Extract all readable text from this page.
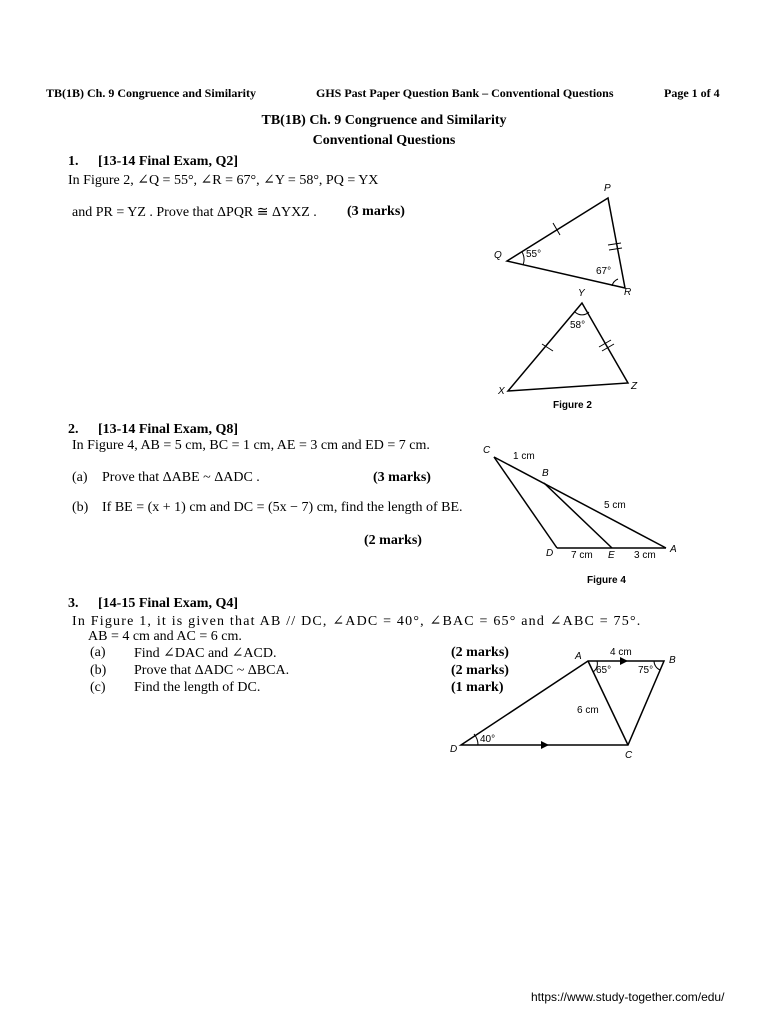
TB(1B) Ch. 9 Congruence and Similarity	GHS Past Paper Question Bank – Conventional Questions	Page 1 of 4
TB(1B) Ch. 9 Congruence and Similarity
Conventional Questions
1. [13-14 Final Exam, Q2]
In Figure 2, ∠Q = 55°, ∠R = 67°, ∠Y = 58°, PQ = YX
and PR = YZ . Prove that ΔPQR ≅ ΔYXZ . (3 marks)
P
Q
R
55°
67°
Y
X	Z
58°
Figure 2
2. [13-14 Final Exam, Q8]
In Figure 4, AB = 5 cm, BC = 1 cm, AE = 3 cm and ED = 7 cm.
(a) Prove that ΔABE ~ ΔADC .	(3 marks)
(b) If BE = (x + 1) cm and DC = (5x − 7) cm, find the length of BE.
(2 marks)
C
B
D	E
A
1 cm
5 cm
7 cm	3 cm
Figure 4
3. [14-15 Final Exam, Q4]
In Figure 1, it is given that AB // DC, ∠ADC = 40°, ∠BAC = 65° and ∠ABC = 75°.
AB = 4 cm and AC = 6 cm.
(a) Find ∠DAC and ∠ACD.	(2 marks)
(b) Prove that ΔADC ~ ΔBCA.	(2 marks)
(c) Find the length of DC.	(1 mark)
A	B
C
D
4 cm
6 cm
65°	75°
40°
https://www.study-together.com/edu/
